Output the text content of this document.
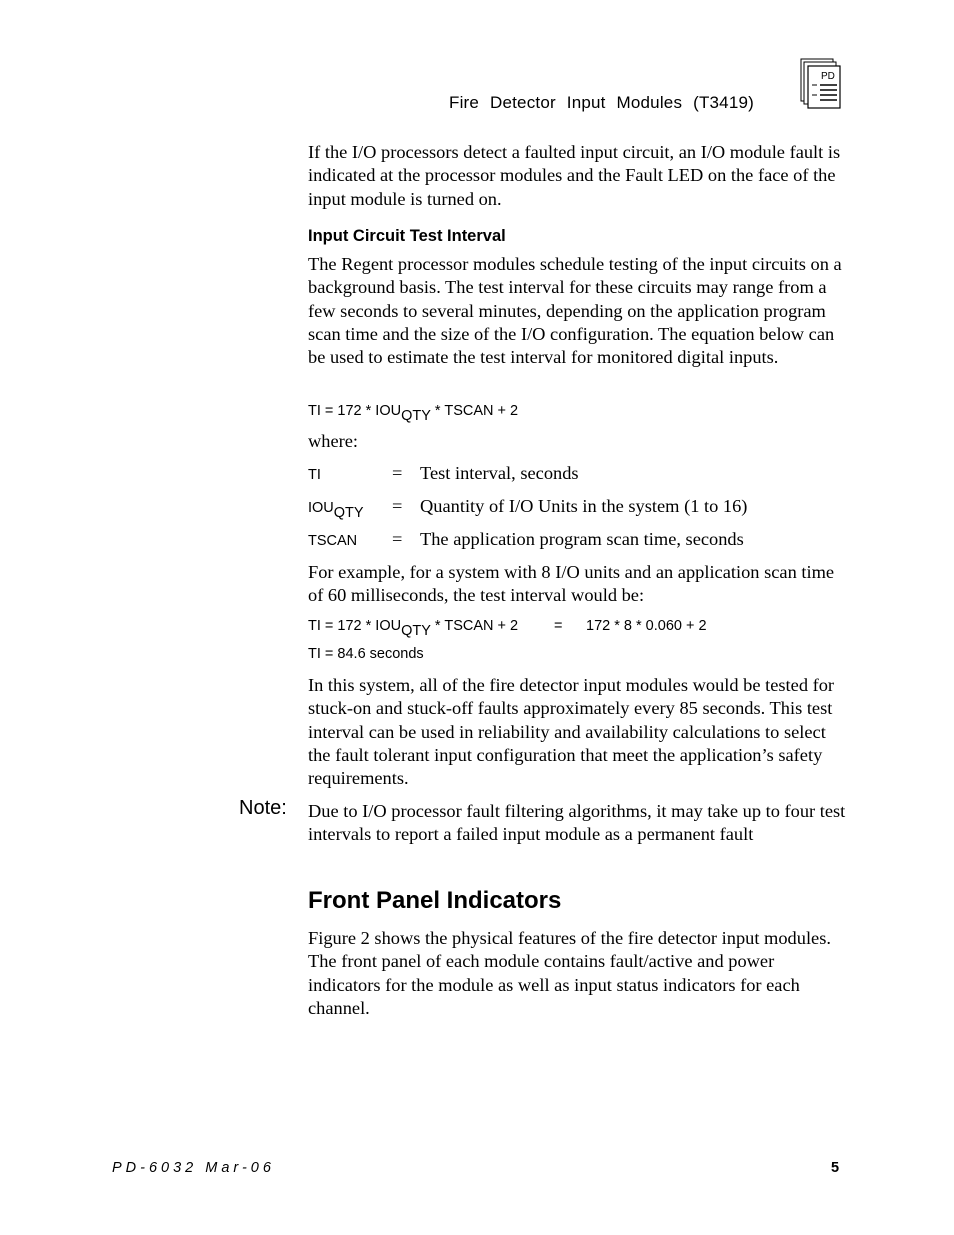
Fire Detector Input Modules (T3419)
PD
If the I/O processors detect a faulted input circuit, an I/O module fault is indicated at the processor modules and the Fault LED on the face of the input module is turned on.
Input Circuit Test Interval
The Regent processor modules schedule testing of the input circuits on a background basis. The test interval for these circuits may range from a few seconds to several minutes, depending on the application program scan time and the size of the I/O configuration. The equation below can be used to estimate the test interval for monitored digital inputs.
TI = $172 * IOU_{QTY}$ * TSCAN + 2
where:
TI	= Test interval, seconds
$IOU_{QTY}$ = Quantity of I/O Units in the system (1 to 16)
TSCAN = The application program scan time, seconds
For example, for a system with 8 I/O units and an application scan time of 60 milliseconds, the test interval would be:
TI = $172 * IOU_{QTY}$ * TSCAN + 2 = 172 * 8 * 0.060 + 2
TI = 84.6 seconds
In this system, all of the fire detector input modules would be tested for stuck-on and stuck-off faults approximately every 85 seconds. This test interval can be used in reliability and availability calculations to select the fault tolerant input configuration that meet the application’s safety requirements.
Note: Due to I/O processor fault filtering algorithms, it may take up to four test intervals to report a failed input module as a permanent fault
Front Panel Indicators
Figure 2 shows the physical features of the fire detector input modules. The front panel of each module contains fault/active and power indicators for the module as well as input status indicators for each channel.
PD-6032 Mar-06	5
